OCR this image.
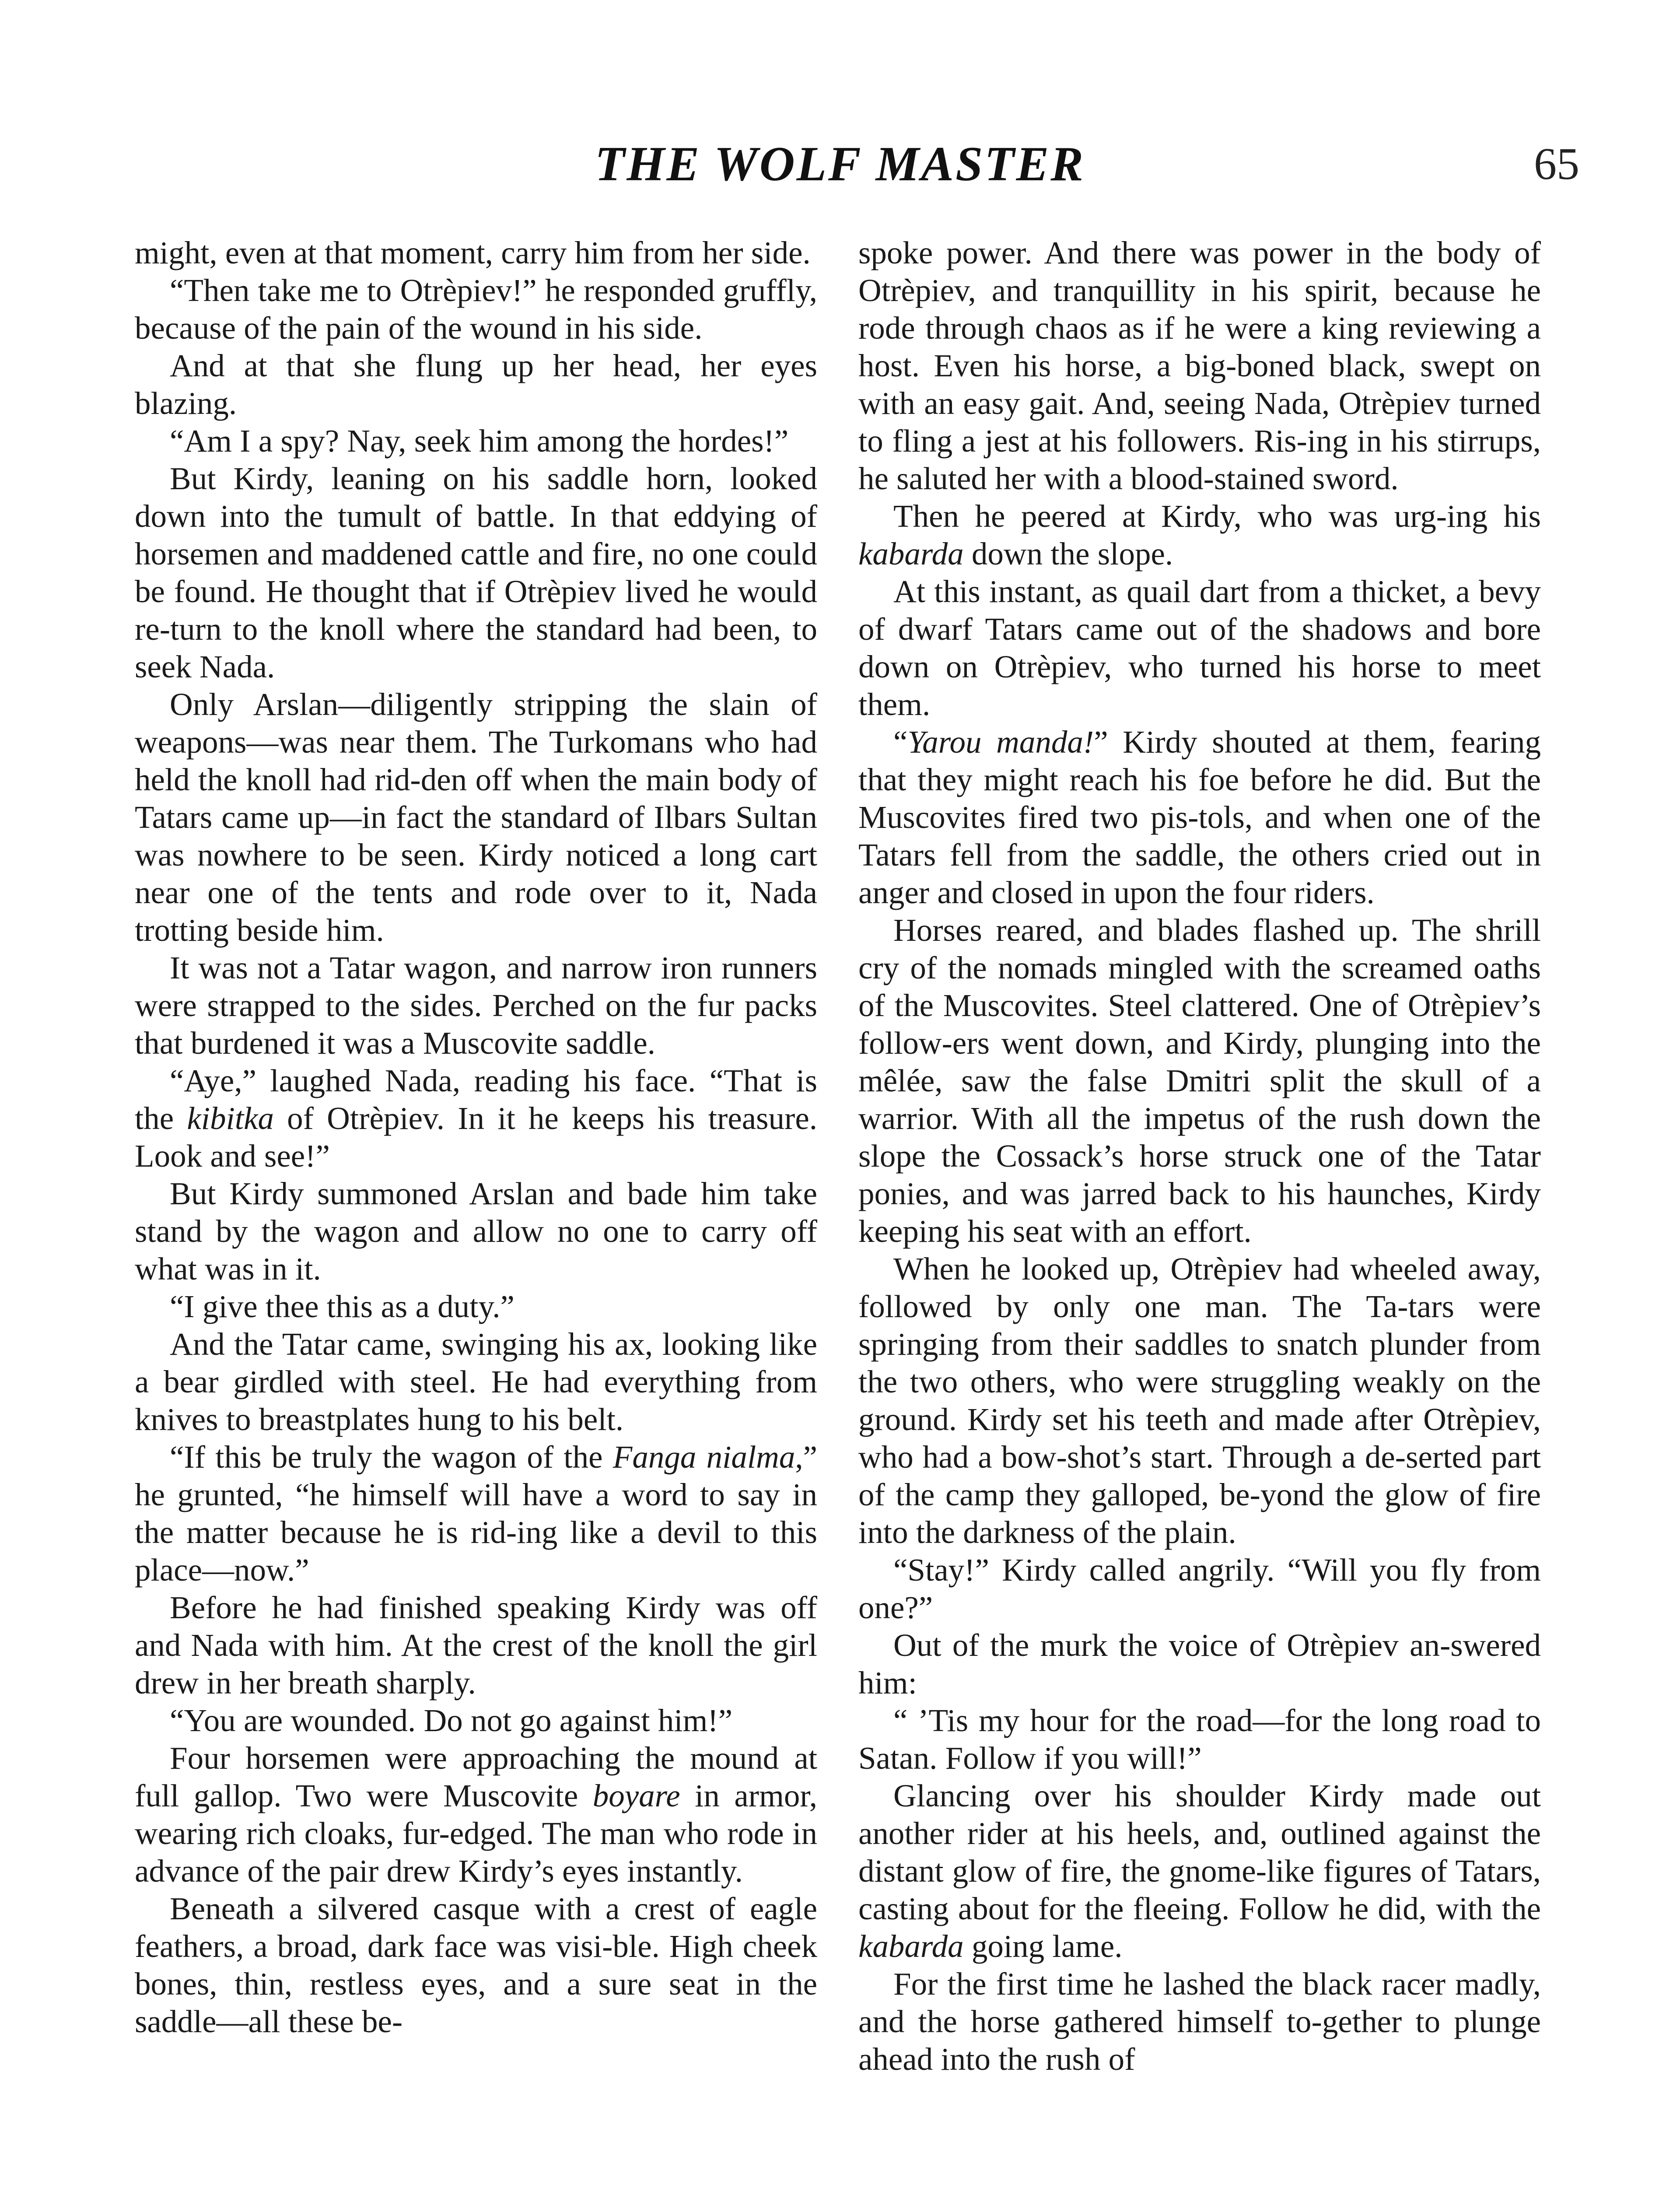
THE WOLF MASTER	65

might, even at that moment, carry him from her side.

“Then take me to Otrèpiev!” he responded gruffly, because of the pain of the wound in his side.

And at that she flung up her head, her eyes blazing.

“Am I a spy? Nay, seek him among the hordes!”

But Kirdy, leaning on his saddle horn, looked down into the tumult of battle. In that eddying of horsemen and maddened cattle and fire, no one could be found. He thought that if Otrèpiev lived he would re-turn to the knoll where the standard had been, to seek Nada.

Only Arslan—diligently stripping the slain of weapons—was near them. The Turkomans who had held the knoll had rid-den off when the main body of Tatars came up—in fact the standard of Ilbars Sultan was nowhere to be seen. Kirdy noticed a long cart near one of the tents and rode over to it, Nada trotting beside him.

It was not a Tatar wagon, and narrow iron runners were strapped to the sides. Perched on the fur packs that burdened it was a Muscovite saddle.

“Aye,” laughed Nada, reading his face. “That is the kibitka of Otrèpiev. In it he keeps his treasure. Look and see!”

But Kirdy summoned Arslan and bade him take stand by the wagon and allow no one to carry off what was in it.

“I give thee this as a duty.”

And the Tatar came, swinging his ax, looking like a bear girdled with steel. He had everything from knives to breastplates hung to his belt.

“If this be truly the wagon of the Fanga nialma,” he grunted, “he himself will have a word to say in the matter because he is rid-ing like a devil to this place—now.”

Before he had finished speaking Kirdy was off and Nada with him. At the crest of the knoll the girl drew in her breath sharply.

“You are wounded. Do not go against him!”

Four horsemen were approaching the mound at full gallop. Two were Muscovite boyare in armor, wearing rich cloaks, fur-edged. The man who rode in advance of the pair drew Kirdy’s eyes instantly.

Beneath a silvered casque with a crest of eagle feathers, a broad, dark face was visi-ble. High cheek bones, thin, restless eyes, and a sure seat in the saddle—all these be-

spoke power. And there was power in the body of Otrèpiev, and tranquillity in his spirit, because he rode through chaos as if he were a king reviewing a host. Even his horse, a big-boned black, swept on with an easy gait. And, seeing Nada, Otrèpiev turned to fling a jest at his followers. Ris-ing in his stirrups, he saluted her with a blood-stained sword.

Then he peered at Kirdy, who was urg-ing his kabarda down the slope.

At this instant, as quail dart from a thicket, a bevy of dwarf Tatars came out of the shadows and bore down on Otrèpiev, who turned his horse to meet them.

“Yarou manda!” Kirdy shouted at them, fearing that they might reach his foe before he did. But the Muscovites fired two pis-tols, and when one of the Tatars fell from the saddle, the others cried out in anger and closed in upon the four riders.

Horses reared, and blades flashed up. The shrill cry of the nomads mingled with the screamed oaths of the Muscovites. Steel clattered. One of Otrèpiev’s follow-ers went down, and Kirdy, plunging into the mêlée, saw the false Dmitri split the skull of a warrior. With all the impetus of the rush down the slope the Cossack’s horse struck one of the Tatar ponies, and was jarred back to his haunches, Kirdy keeping his seat with an effort.

When he looked up, Otrèpiev had wheeled away, followed by only one man. The Ta-tars were springing from their saddles to snatch plunder from the two others, who were struggling weakly on the ground. Kirdy set his teeth and made after Otrèpiev, who had a bow-shot’s start. Through a de-serted part of the camp they galloped, be-yond the glow of fire into the darkness of the plain.

“Stay!” Kirdy called angrily. “Will you fly from one?”

Out of the murk the voice of Otrèpiev an-swered him:

“ ’Tis my hour for the road—for the long road to Satan. Follow if you will!”

Glancing over his shoulder Kirdy made out another rider at his heels, and, outlined against the distant glow of fire, the gnome-like figures of Tatars, casting about for the fleeing. Follow he did, with the kabarda going lame.

For the first time he lashed the black racer madly, and the horse gathered himself to-gether to plunge ahead into the rush of
